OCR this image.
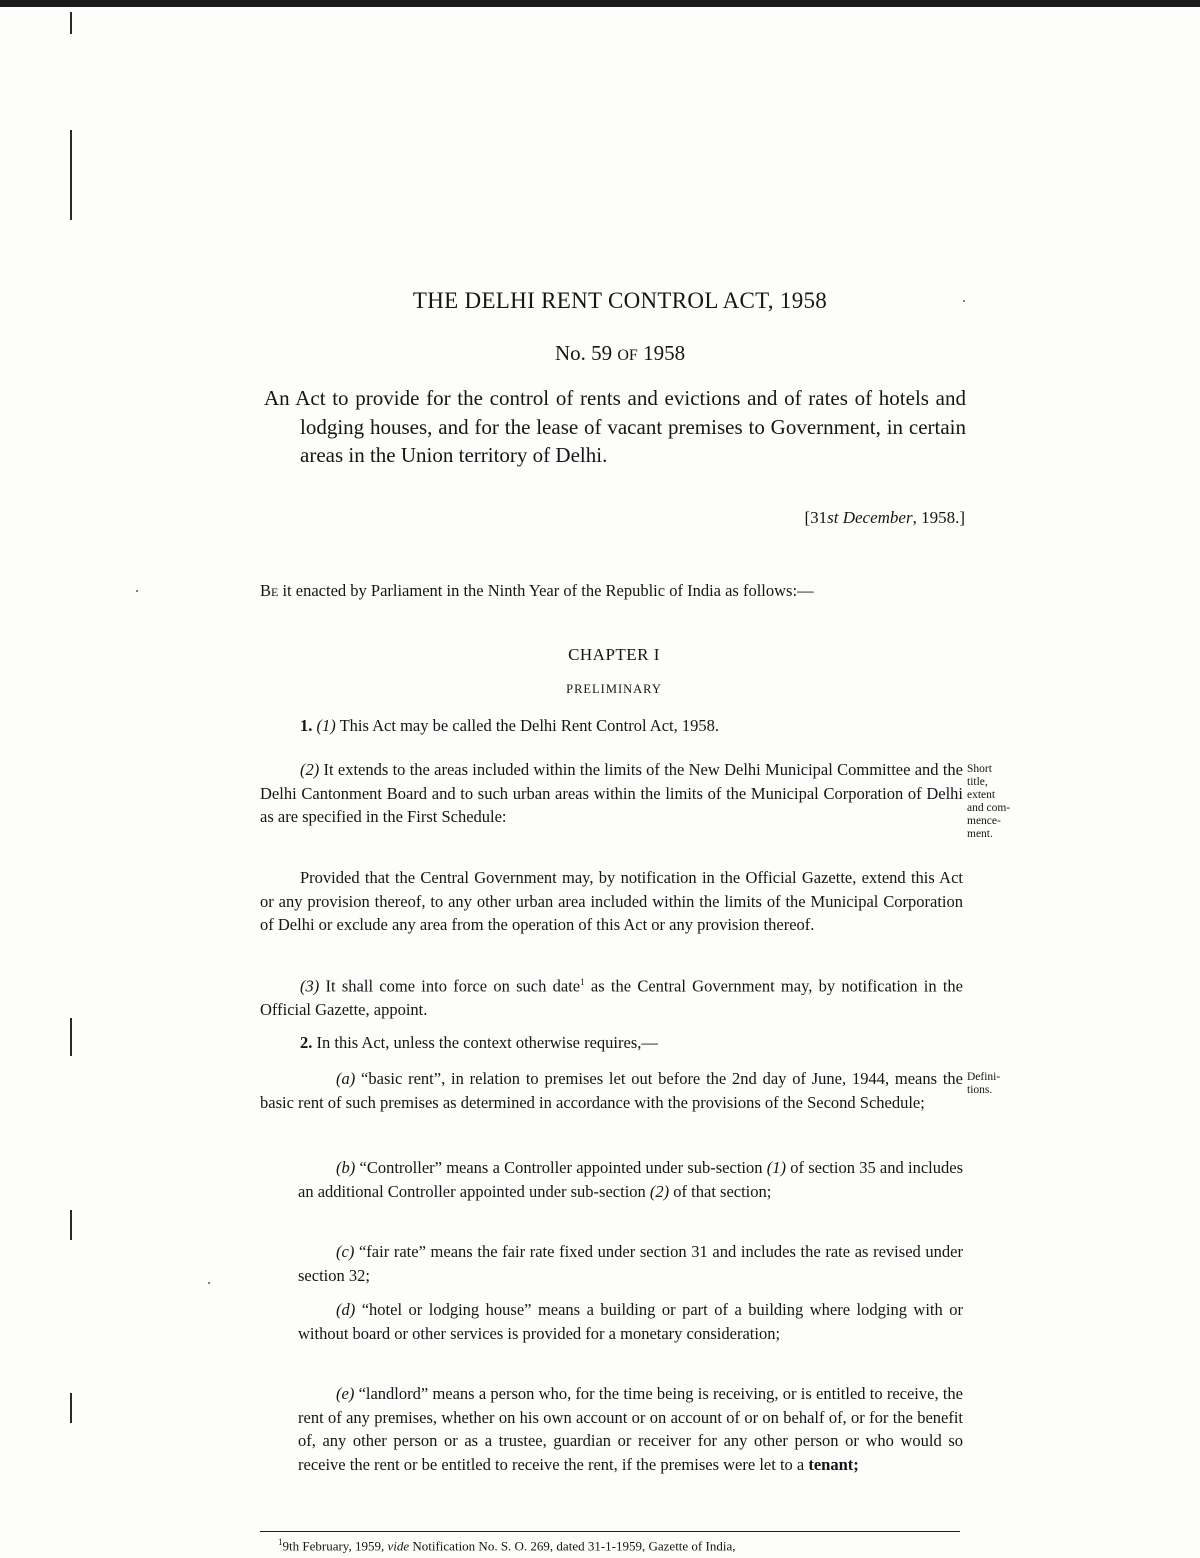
THE DELHI RENT CONTROL ACT, 1958
No. 59 OF 1958
An Act to provide for the control of rents and evictions and of rates of hotels and lodging houses, and for the lease of vacant premises to Government, in certain areas in the Union territory of Delhi.
[31st December, 1958.]
Be it enacted by Parliament in the Ninth Year of the Republic of India as follows:—
CHAPTER I
PRELIMINARY
1. (1) This Act may be called the Delhi Rent Control Act, 1958.
(2) It extends to the areas included within the limits of the New Delhi Municipal Committee and the Delhi Cantonment Board and to such urban areas within the limits of the Municipal Corporation of Delhi as are specified in the First Schedule:
Short
title,
extent
and com-
mence-
ment.
Provided that the Central Government may, by notification in the Official Gazette, extend this Act or any provision thereof, to any other urban area included within the limits of the Municipal Corporation of Delhi or exclude any area from the operation of this Act or any provision thereof.
(3) It shall come into force on such date$^1$ as the Central Government may, by notification in the Official Gazette, appoint.
2. In this Act, unless the context otherwise requires,—
(a) “basic rent”, in relation to premises let out before the 2nd day of June, 1944, means the basic rent of such premises as determined in accordance with the provisions of the Second Schedule;
Defini-
tions.
(b) “Controller” means a Controller appointed under sub-section (1) of section 35 and includes an additional Controller appointed under sub-section (2) of that section;
(c) “fair rate” means the fair rate fixed under section 31 and includes the rate as revised under section 32;
(d) “hotel or lodging house” means a building or part of a building where lodging with or without board or other services is provided for a monetary consideration;
(e) “landlord” means a person who, for the time being is receiving, or is entitled to receive, the rent of any premises, whether on his own account or on account of or on behalf of, or for the benefit of, any other person or as a trustee, guardian or receiver for any other person or who would so receive the rent or be entitled to receive the rent, if the premises were let to a tenant;
$^1$9th February, 1959, vide Notification No. S. O. 269, dated 31-1-1959, Gazette of India,
